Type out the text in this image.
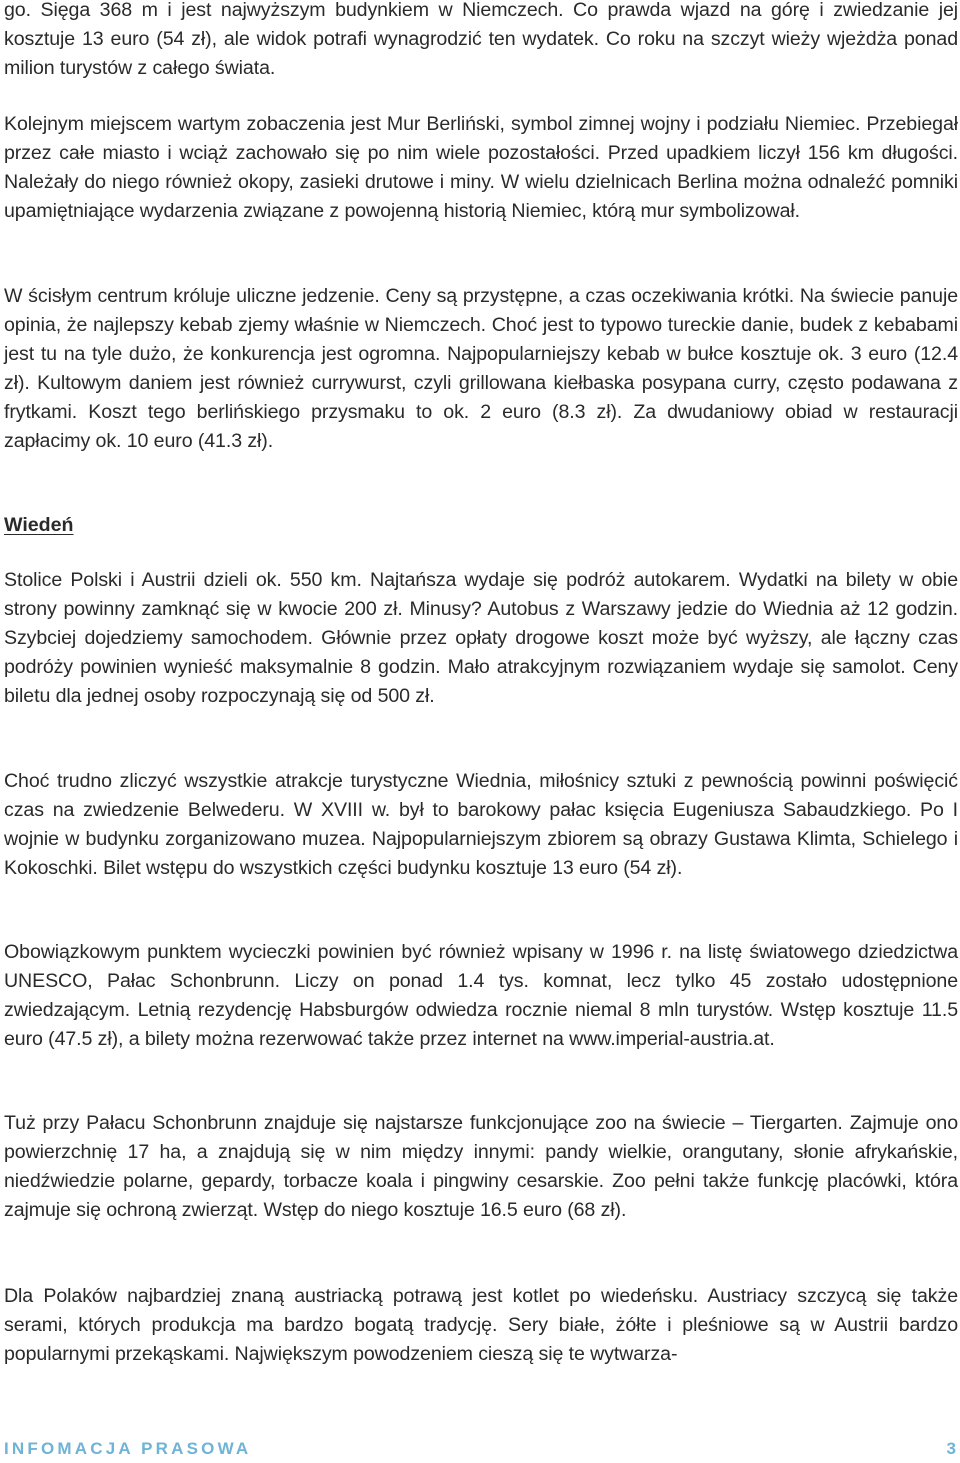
go. Sięga 368 m i jest najwyższym budynkiem w Niemczech. Co prawda wjazd na górę i zwiedzanie jej kosztuje 13 euro (54 zł), ale widok potrafi wynagrodzić ten wydatek. Co roku na szczyt wieży wjeżdża ponad milion turystów z całego świata.

Kolejnym miejscem wartym zobaczenia jest Mur Berliński, symbol zimnej wojny i podziału Niemiec. Przebiegał przez całe miasto i wciąż zachowało się po nim wiele pozostałości. Przed upadkiem liczył 156 km długości. Należały do niego również okopy, zasieki drutowe i miny. W wielu dzielnicach Berlina można odnaleźć pomniki upamiętniające wydarzenia związane z powojenną historią Niemiec, którą mur symbolizował.

W ścisłym centrum króluje uliczne jedzenie. Ceny są przystępne, a czas oczekiwania krótki. Na świecie panuje opinia, że najlepszy kebab zjemy właśnie w Niemczech. Choć jest to typowo tureckie danie, budek z kebabami jest tu na tyle dużo, że konkurencja jest ogromna. Najpopularniejszy kebab w bułce kosztuje ok. 3 euro (12.4 zł). Kultowym daniem jest również currywurst, czyli grillowana kiełbaska posypana curry, często podawana z frytkami. Koszt tego berlińskiego przysmaku to ok. 2 euro (8.3 zł). Za dwudaniowy obiad w restauracji zapłacimy ok. 10 euro (41.3 zł).

Wiedeń

Stolice Polski i Austrii dzieli ok. 550 km. Najtańsza wydaje się podróż autokarem. Wydatki na bilety w obie strony powinny zamknąć się w kwocie 200 zł. Minusy? Autobus z Warszawy jedzie do Wiednia aż 12 godzin. Szybciej dojedziemy samochodem. Głównie przez opłaty drogowe koszt może być wyższy, ale łączny czas podróży powinien wynieść maksymalnie 8 godzin. Mało atrakcyjnym rozwiązaniem wydaje się samolot. Ceny biletu dla jednej osoby rozpoczynają się od 500 zł.

Choć trudno zliczyć wszystkie atrakcje turystyczne Wiednia, miłośnicy sztuki z pewnością powinni poświęcić czas na zwiedzenie Belwederu. W XVIII w. był to barokowy pałac księcia Eugeniusza Sabaudzkiego. Po I wojnie w budynku zorganizowano muzea. Najpopularniejszym zbiorem są obrazy Gustawa Klimta, Schielego i Kokoschki. Bilet wstępu do wszystkich części budynku kosztuje 13 euro (54 zł).

Obowiązkowym punktem wycieczki powinien być również wpisany w 1996 r. na listę światowego dziedzictwa UNESCO, Pałac Schonbrunn. Liczy on ponad 1.4 tys. komnat, lecz tylko 45 zostało udostępnione zwiedzającym. Letnią rezydencję Habsburgów odwiedza rocznie niemal 8 mln turystów. Wstęp kosztuje 11.5 euro (47.5 zł), a bilety można rezerwować także przez internet na www.imperial-austria.at.

Tuż przy Pałacu Schonbrunn znajduje się najstarsze funkcjonujące zoo na świecie – Tiergarten. Zajmuje ono powierzchnię 17 ha, a znajdują się w nim między innymi: pandy wielkie, orangutany, słonie afrykańskie, niedźwiedzie polarne, gepardy, torbacze koala i pingwiny cesarskie. Zoo pełni także funkcję placówki, która zajmuje się ochroną zwierząt. Wstęp do niego kosztuje 16.5 euro (68 zł).

Dla Polaków najbardziej znaną austriacką potrawą jest kotlet po wiedeńsku. Austriacy szczycą się także serami, których produkcja ma bardzo bogatą tradycję. Sery białe, żółte i pleśniowe są w Austrii bardzo popularnymi przekąskami. Największym powodzeniem cieszą się te wytwarza-

INFOMACJA PRASOWA	3
